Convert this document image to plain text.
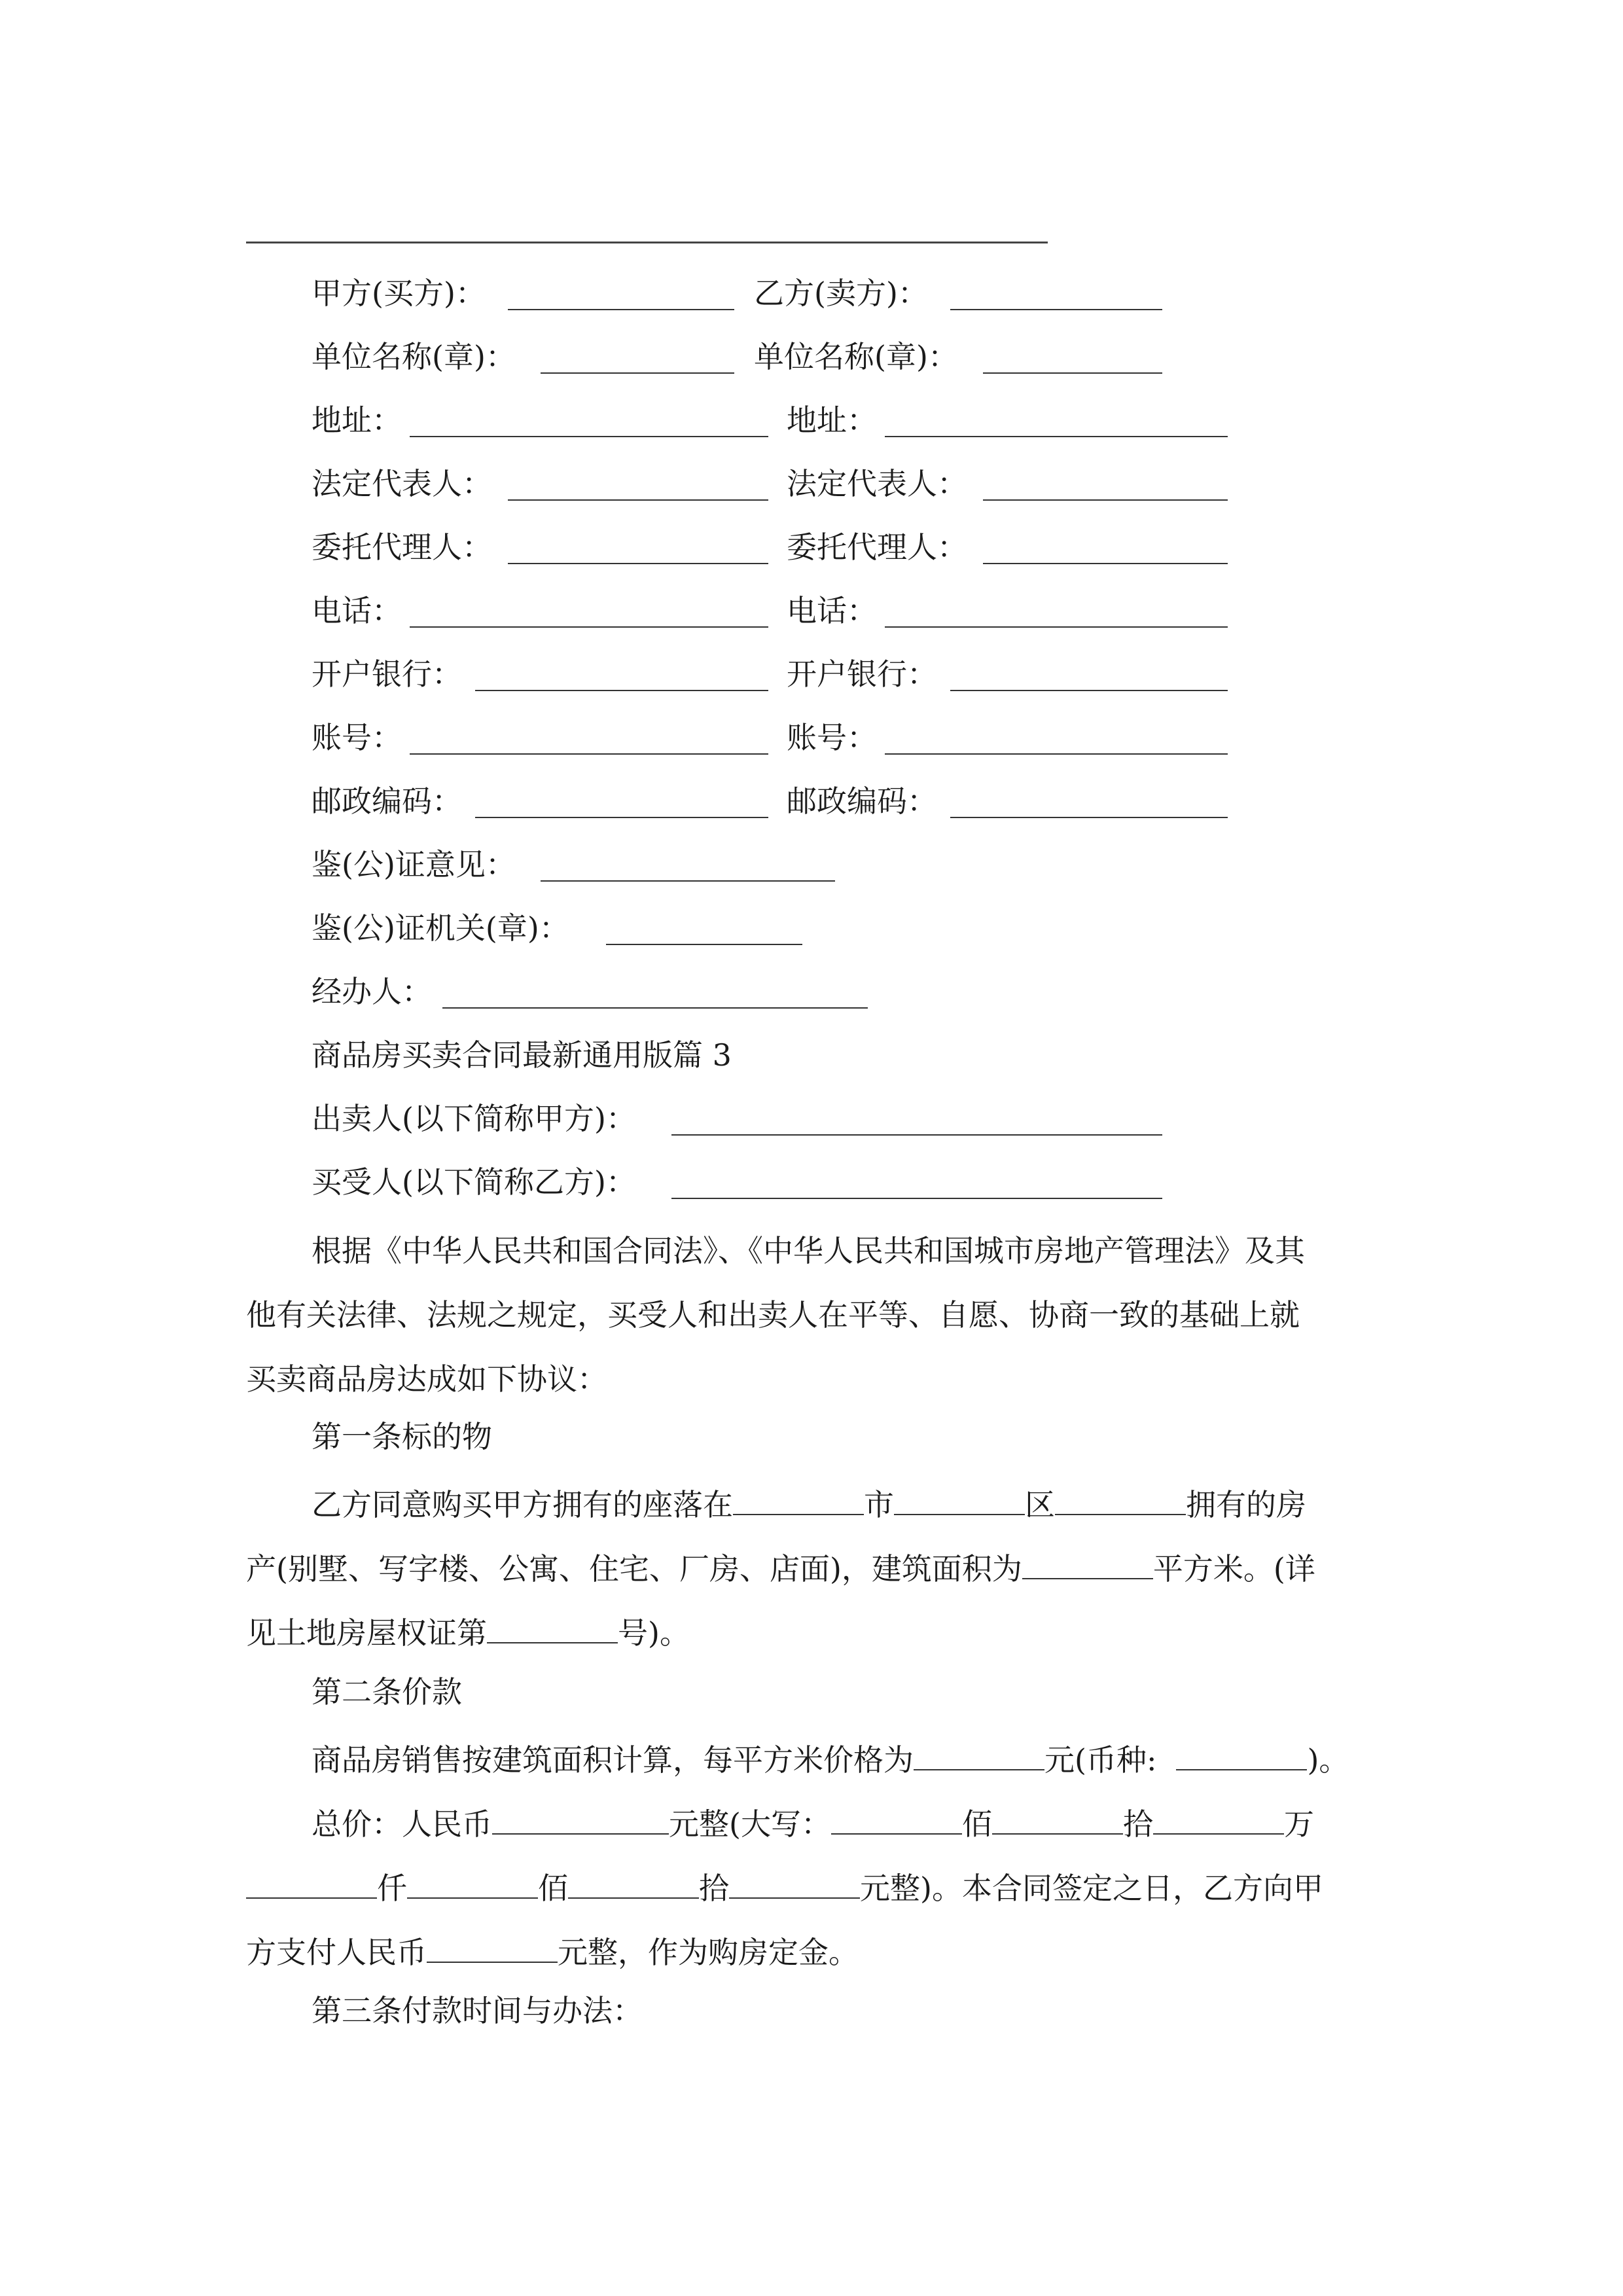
甲方(买方)：	乙方(卖方)：
单位名称(章)：	单位名称(章)：
地址：	地址：
法定代表人：	法定代表人：
委托代理人：	委托代理人：
电话：	电话：
开户银行：	开户银行：
账号：	账号：
邮政编码：	邮政编码：
鉴(公)证意见：
鉴(公)证机关(章)：
经办人：
商品房买卖合同最新通用版篇 3
出卖人(以下简称甲方)：
买受人(以下简称乙方)：
根据《中华人民共和国合同法》、《中华人民共和国城市房地产管理法》及其
他有关法律、法规之规定，买受人和出卖人在平等、自愿、协商一致的基础上就
买卖商品房达成如下协议：
第一条标的物
乙方同意购买甲方拥有的座落在	市	区	拥有的房
产(别墅、写字楼、公寓、住宅、厂房、店面)，建筑面积为	平方米。(详
见土地房屋权证第	号)。
第二条价款
商品房销售按建筑面积计算，每平方米价格为	元(币种:	)。
总价：人民币	元整(大写：	佰	拾	万
仟	佰	拾	元整)。本合同签定之日，乙方向甲
方支付人民币	元整，作为购房定金。
第三条付款时间与办法：
